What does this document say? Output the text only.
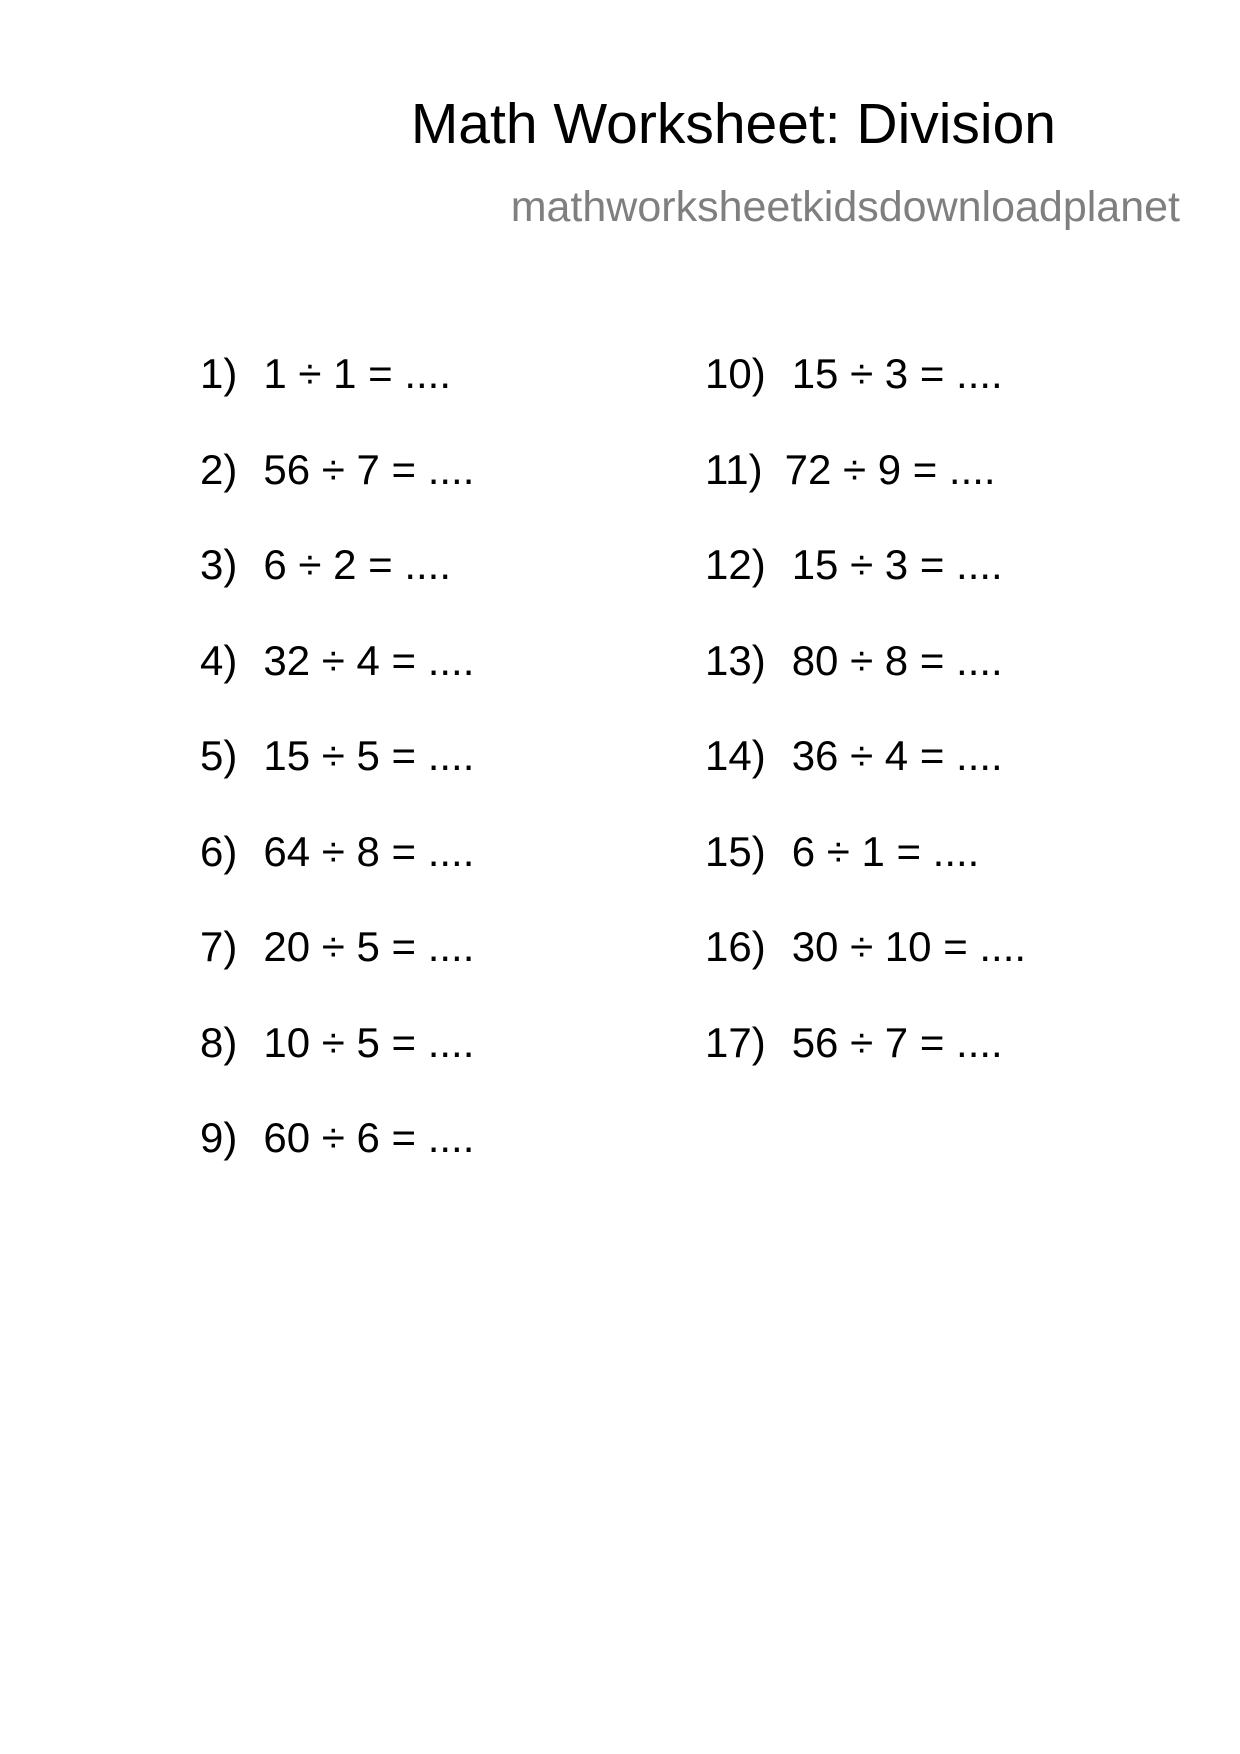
Math Worksheet: Division
mathworksheetkidsdownloadplanet
1) 1 ÷ 1 = ....
2) 56 ÷ 7 = ....
3) 6 ÷ 2 = ....
4) 32 ÷ 4 = ....
5) 15 ÷ 5 = ....
6) 64 ÷ 8 = ....
7) 20 ÷ 5 = ....
8) 10 ÷ 5 = ....
9) 60 ÷ 6 = ....
10) 15 ÷ 3 = ....
11) 72 ÷ 9 = ....
12) 15 ÷ 3 = ....
13) 80 ÷ 8 = ....
14) 36 ÷ 4 = ....
15) 6 ÷ 1 = ....
16) 30 ÷ 10 = ....
17) 56 ÷ 7 = ....
